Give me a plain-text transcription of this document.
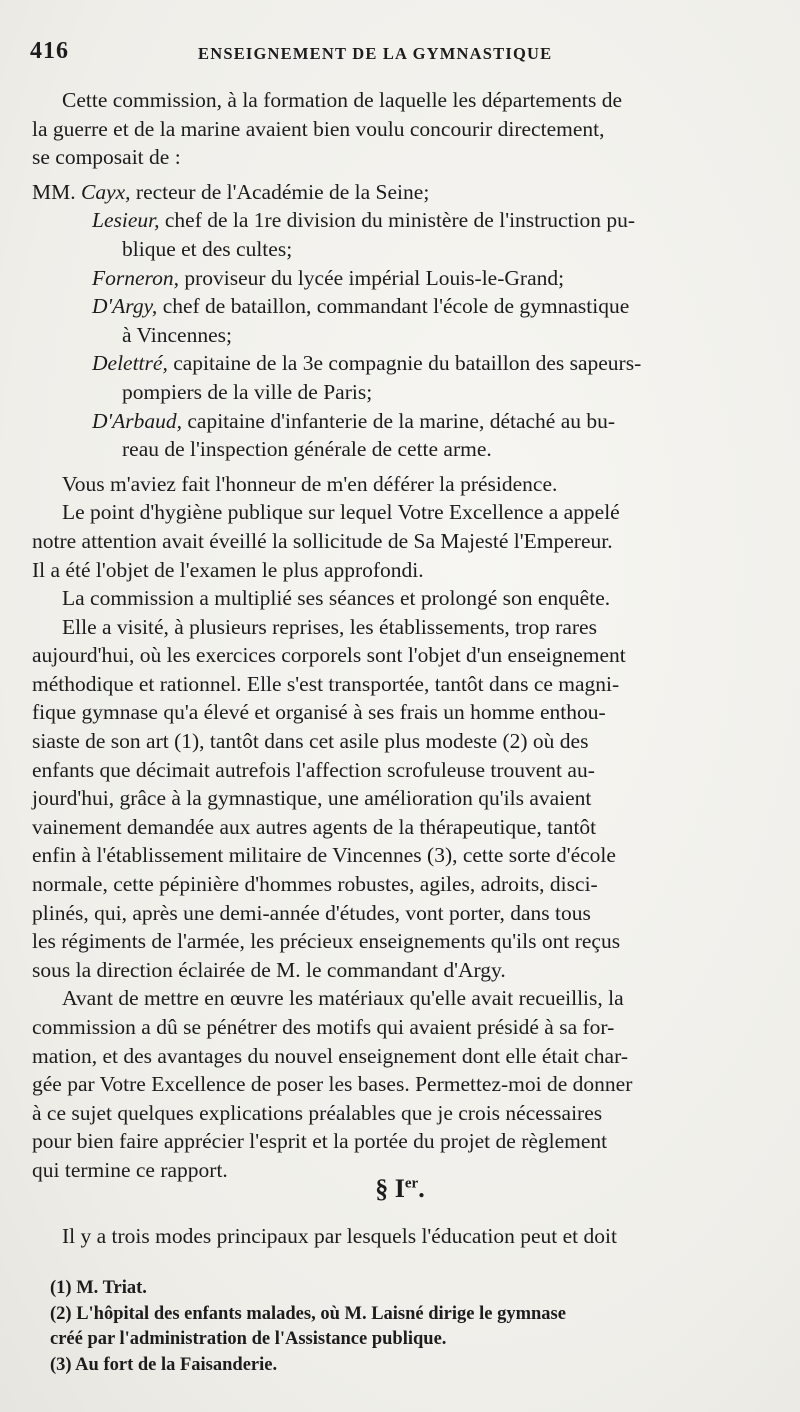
416	ENSEIGNEMENT DE LA GYMNASTIQUE
Cette commission, à la formation de laquelle les départements de
la guerre et de la marine avaient bien voulu concourir directement,
se composait de :
MM. Cayx, recteur de l'Académie de la Seine;
Lesieur, chef de la 1re division du ministère de l'instruction pu-
blique et des cultes;
Forneron, proviseur du lycée impérial Louis-le-Grand;
D'Argy, chef de bataillon, commandant l'école de gymnastique
à Vincennes;
Delettré, capitaine de la 3e compagnie du bataillon des sapeurs-
pompiers de la ville de Paris;
D'Arbaud, capitaine d'infanterie de la marine, détaché au bu-
reau de l'inspection générale de cette arme.
Vous m'aviez fait l'honneur de m'en déférer la présidence.
Le point d'hygiène publique sur lequel Votre Excellence a appelé
notre attention avait éveillé la sollicitude de Sa Majesté l'Empereur.
Il a été l'objet de l'examen le plus approfondi.
La commission a multiplié ses séances et prolongé son enquête.
Elle a visité, à plusieurs reprises, les établissements, trop rares
aujourd'hui, où les exercices corporels sont l'objet d'un enseignement
méthodique et rationnel. Elle s'est transportée, tantôt dans ce magni-
fique gymnase qu'a élevé et organisé à ses frais un homme enthou-
siaste de son art (1), tantôt dans cet asile plus modeste (2) où des
enfants que décimait autrefois l'affection scrofuleuse trouvent au-
jourd'hui, grâce à la gymnastique, une amélioration qu'ils avaient
vainement demandée aux autres agents de la thérapeutique, tantôt
enfin à l'établissement militaire de Vincennes (3), cette sorte d'école
normale, cette pépinière d'hommes robustes, agiles, adroits, disci-
plinés, qui, après une demi-année d'études, vont porter, dans tous
les régiments de l'armée, les précieux enseignements qu'ils ont reçus
sous la direction éclairée de M. le commandant d'Argy.
Avant de mettre en œuvre les matériaux qu'elle avait recueillis, la
commission a dû se pénétrer des motifs qui avaient présidé à sa for-
mation, et des avantages du nouvel enseignement dont elle était char-
gée par Votre Excellence de poser les bases. Permettez-moi de donner
à ce sujet quelques explications préalables que je crois nécessaires
pour bien faire apprécier l'esprit et la portée du projet de règlement
qui termine ce rapport.
§ Ier.
Il y a trois modes principaux par lesquels l'éducation peut et doit
(1) M. Triat.
(2) L'hôpital des enfants malades, où M. Laisné dirige le gymnase
créé par l'administration de l'Assistance publique.
(3) Au fort de la Faisanderie.
